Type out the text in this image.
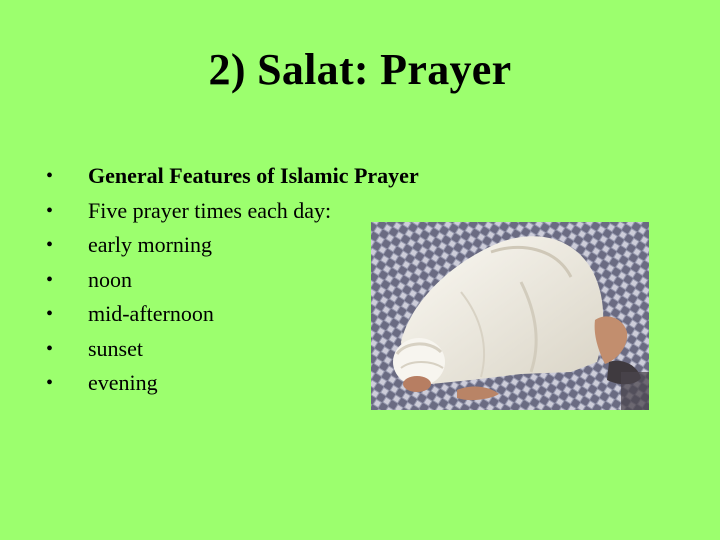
2) Salat: Prayer
•	General Features of Islamic Prayer
•	Five prayer times each day:
•	early morning
•	noon
•	mid-afternoon
•	sunset
•	evening
